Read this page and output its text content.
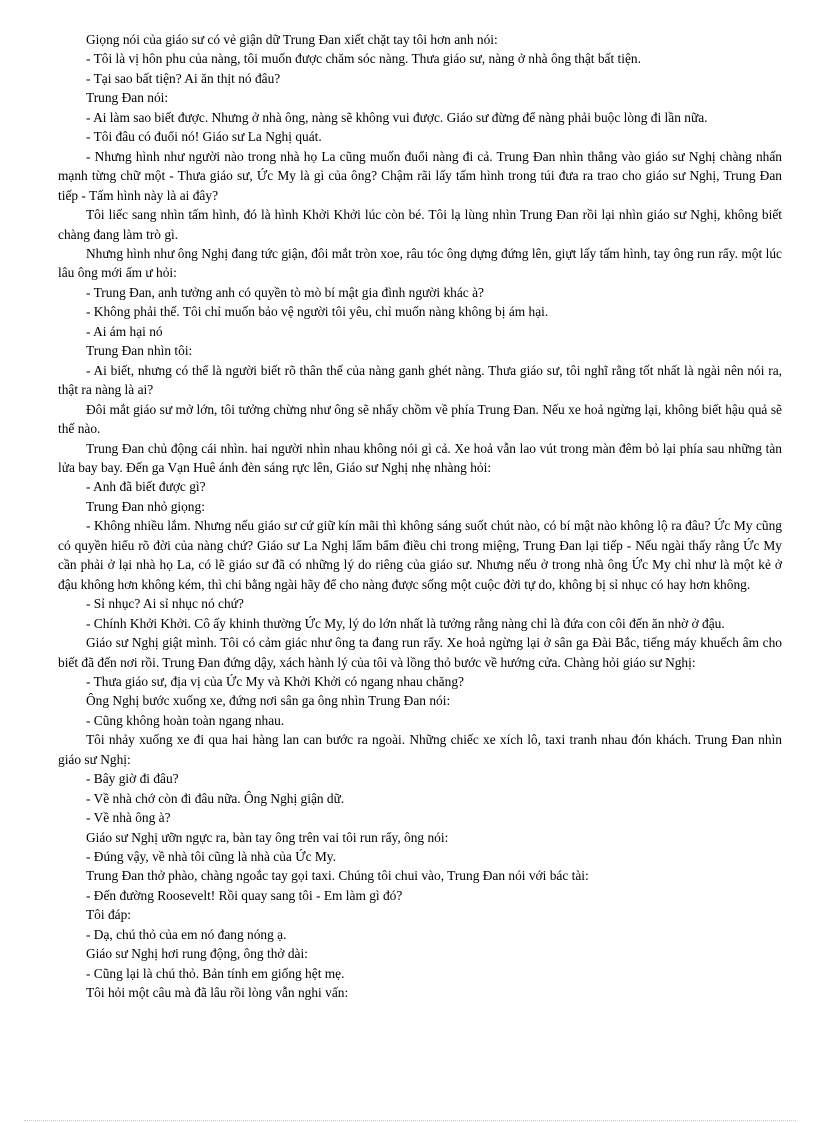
Giọng nói của giáo sư có vẻ giận dữ Trung Đan xiết chặt tay tôi hơn anh nói:

- Tôi là vị hôn phu của nàng, tôi muốn được chăm sóc nàng. Thưa giáo sư, nàng ở nhà ông thật bất tiện.

- Tại sao bất tiện? Ai ăn thịt nó đâu?

Trung Đan nói:

- Ai làm sao biết được. Nhưng ở nhà ông, nàng sẽ không vui được. Giáo sư đừng để nàng phải buộc lòng đi lần nữa.

- Tôi đâu có đuổi nó! Giáo sư La Nghị quát.

- Nhưng hình như người nào trong nhà họ La cũng muốn đuổi nàng đi cả. Trung Đan nhìn thẳng vào giáo sư Nghị chàng nhấn mạnh từng chữ một - Thưa giáo sư, Ức My là gì của ông? Chậm rãi lấy tấm hình trong túi đưa ra trao cho giáo sư Nghị, Trung Đan tiếp - Tấm hình này là ai đây?

Tôi liếc sang nhìn tấm hình, đó là hình Khởi Khởi lúc còn bé. Tôi lạ lùng nhìn Trung Đan rồi lại nhìn giáo sư Nghị, không biết chàng đang làm trò gì.

Nhưng hình như ông Nghị đang tức giận, đôi mắt tròn xoe, râu tóc ông dựng đứng lên, giựt lấy tấm hình, tay ông run rẩy. một lúc lâu ông mới ấm ư hỏi:

- Trung Đan, anh tưởng anh có quyền tò mò bí mật gia đình người khác à?

- Không phải thế. Tôi chỉ muốn bảo vệ người tôi yêu, chỉ muốn nàng không bị ám hại.

- Ai ám hại nó

Trung Đan nhìn tôi:

- Ai biết, nhưng có thể là người biết rõ thân thế của nàng ganh ghét nàng. Thưa giáo sư, tôi nghĩ rằng tốt nhất là ngài nên nói ra, thật ra nàng là ai?

Đôi mắt giáo sư mở lớn, tôi tưởng chừng như ông sẽ nhẩy chồm về phía Trung Đan. Nếu xe hoả ngừng lại, không biết hậu quả sẽ thế nào.

Trung Đan chủ động cái nhìn. hai người nhìn nhau không nói gì cả. Xe hoả vẫn lao vút trong màn đêm bỏ lại phía sau những tàn lửa bay bay. Đến ga Vạn Huê ánh đèn sáng rực lên, Giáo sư Nghị nhẹ nhàng hỏi:

- Anh đã biết được gì?

Trung Đan nhỏ giọng:

- Không nhiều lắm. Nhưng nếu giáo sư cứ giữ kín mãi thì không sáng suốt chút nào, có bí mật nào không lộ ra đâu? Ức My cũng có quyền hiểu rõ đời của nàng chứ? Giáo sư La Nghị lẩm bẩm điều chi trong miệng, Trung Đan lại tiếp - Nếu ngài thấy rằng Ức My cần phải ở lại nhà họ La, có lẽ giáo sư đã có những lý do riêng của giáo sư. Nhưng nếu ở trong nhà ông Ức My chỉ như là một kẻ ở đậu không hơn không kém, thì chi bằng ngài hãy để cho nàng được sống một cuộc đời tự do, không bị sỉ nhục có hay hơn không.

- Sỉ nhục? Ai sỉ nhục nó chứ?

- Chính Khởi Khởi. Cô ấy khinh thường Ức My, lý do lớn nhất là tưởng rằng nàng chỉ là đứa con côi đến ăn nhờ ở đậu.

Giáo sư Nghị giật mình. Tôi có cảm giác như ông ta đang run rẩy. Xe hoả ngừng lại ở sân ga Đài Bắc, tiếng máy khuếch âm cho biết đã đến nơi rồi. Trung Đan đứng dậy, xách hành lý của tôi và lồng thỏ bước về hướng cửa. Chàng hỏi giáo sư Nghị:

- Thưa giáo sư, địa vị của Ức My và Khởi Khởi có ngang nhau chăng?

Ông Nghị bước xuống xe, đứng nơi sân ga ông nhìn Trung Đan nói:

- Cũng không hoàn toàn ngang nhau.

Tôi nhảy xuống xe đi qua hai hàng lan can bước ra ngoài. Những chiếc xe xích lô, taxi tranh nhau đón khách. Trung Đan nhìn giáo sư Nghị:

- Bây giờ đi đâu?

- Về nhà chớ còn đi đâu nữa. Ông Nghị giận dữ.

- Về nhà ông à?

Giáo sư Nghị ưỡn ngực ra, bàn tay ông trên vai tôi run rẩy, ông nói:

- Đúng vậy, về nhà tôi cũng là nhà của Ức My.

Trung Đan thở phào, chàng ngoắc tay gọi taxi. Chúng tôi chui vào, Trung Đan nói với bác tài:

- Đến đường Roosevelt! Rồi quay sang tôi - Em làm gì đó?

Tôi đáp:

- Dạ, chú thỏ của em nó đang nóng ạ.

Giáo sư Nghị hơi rung động, ông thở dài:

- Cũng lại là chú thỏ. Bản tính em giống hệt mẹ.

Tôi hỏi một câu mà đã lâu rồi lòng vẫn nghi vấn:
